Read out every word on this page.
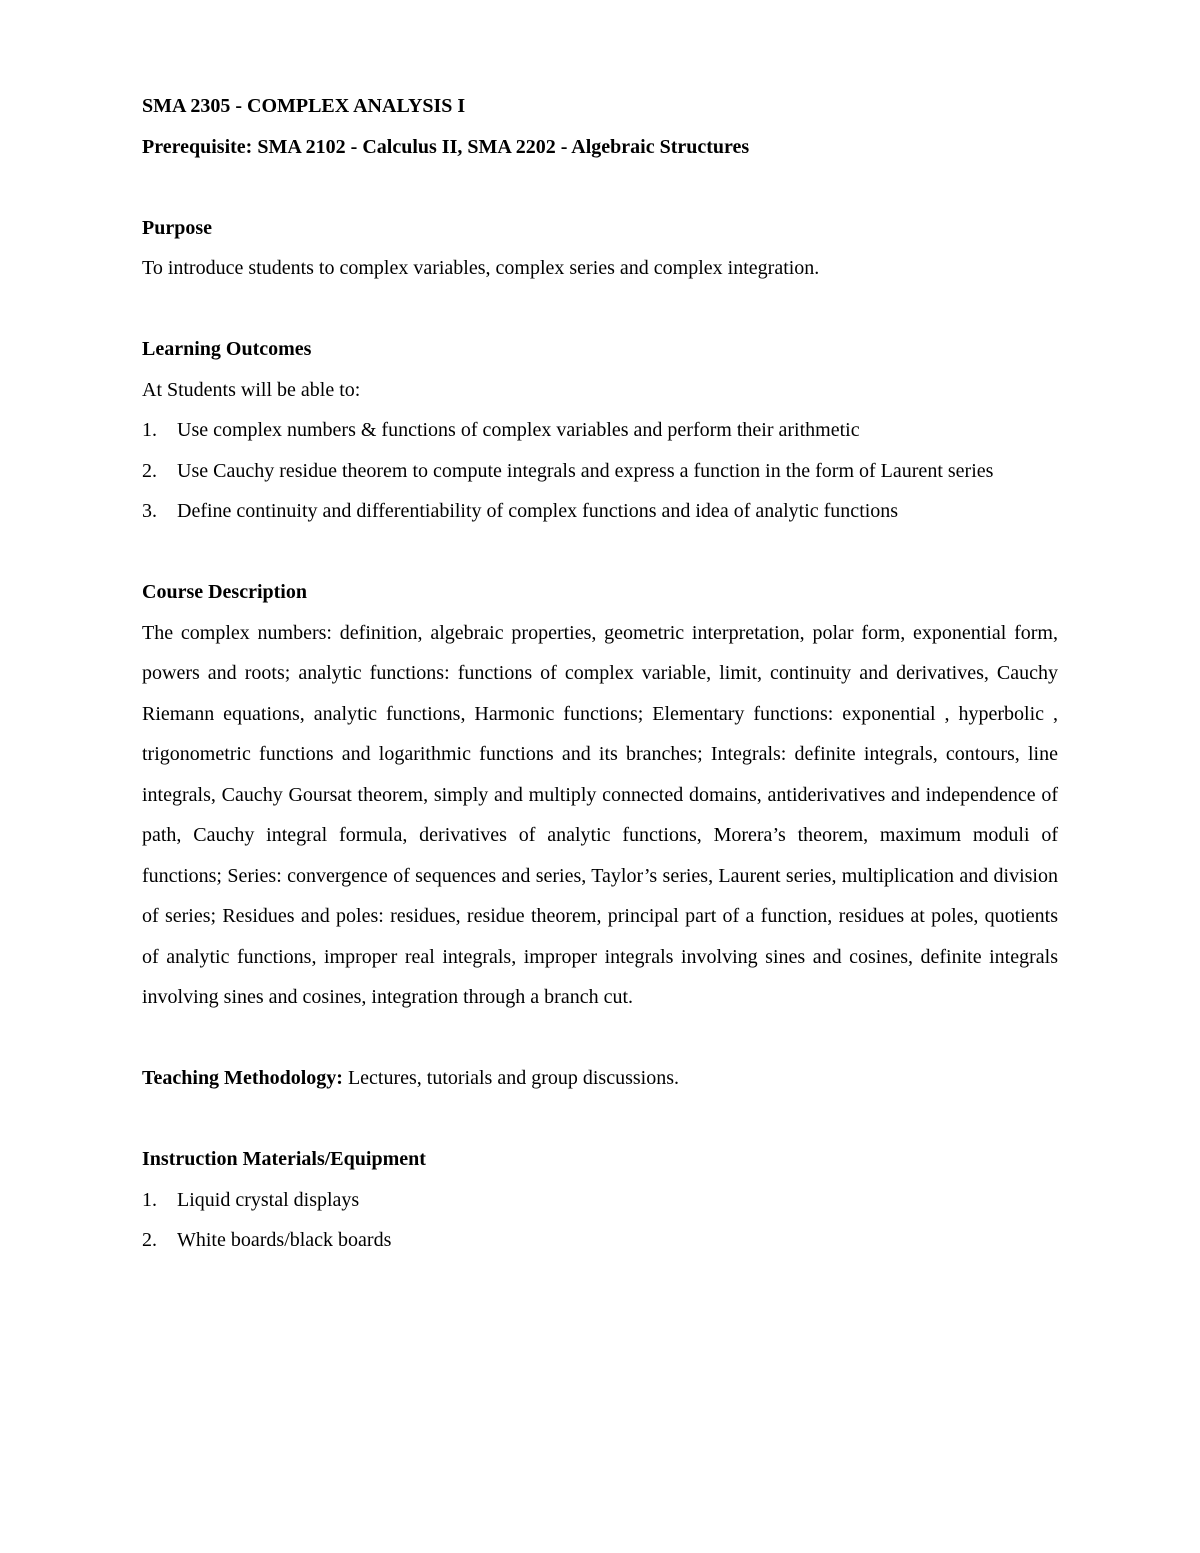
SMA 2305 - COMPLEX ANALYSIS I

Prerequisite: SMA 2102 - Calculus II, SMA 2202 - Algebraic Structures

Purpose

To introduce students to complex variables, complex series and complex integration.

Learning Outcomes

At Students will be able to:

1. Use complex numbers & functions of complex variables and perform their arithmetic
2. Use Cauchy residue theorem to compute integrals and express a function in the form of Laurent series
3. Define continuity and differentiability of complex functions and idea of analytic functions

Course Description

The complex numbers: definition, algebraic properties, geometric interpretation, polar form, exponential form, powers and roots; analytic functions: functions of complex variable, limit, continuity and derivatives, Cauchy Riemann equations, analytic functions, Harmonic functions; Elementary functions: exponential , hyperbolic , trigonometric functions and logarithmic functions and its branches; Integrals: definite integrals, contours, line integrals, Cauchy Goursat theorem, simply and multiply connected domains, antiderivatives and independence of path, Cauchy integral formula, derivatives of analytic functions, Morera’s theorem, maximum moduli of functions; Series: convergence of sequences and series, Taylor’s series, Laurent series, multiplication and division of series; Residues and poles: residues, residue theorem, principal part of a function, residues at poles, quotients of analytic functions, improper real integrals, improper integrals involving sines and cosines, definite integrals involving sines and cosines, integration through a branch cut.

Teaching Methodology: Lectures, tutorials and group discussions.

Instruction Materials/Equipment

1. Liquid crystal displays
2. White boards/black boards
